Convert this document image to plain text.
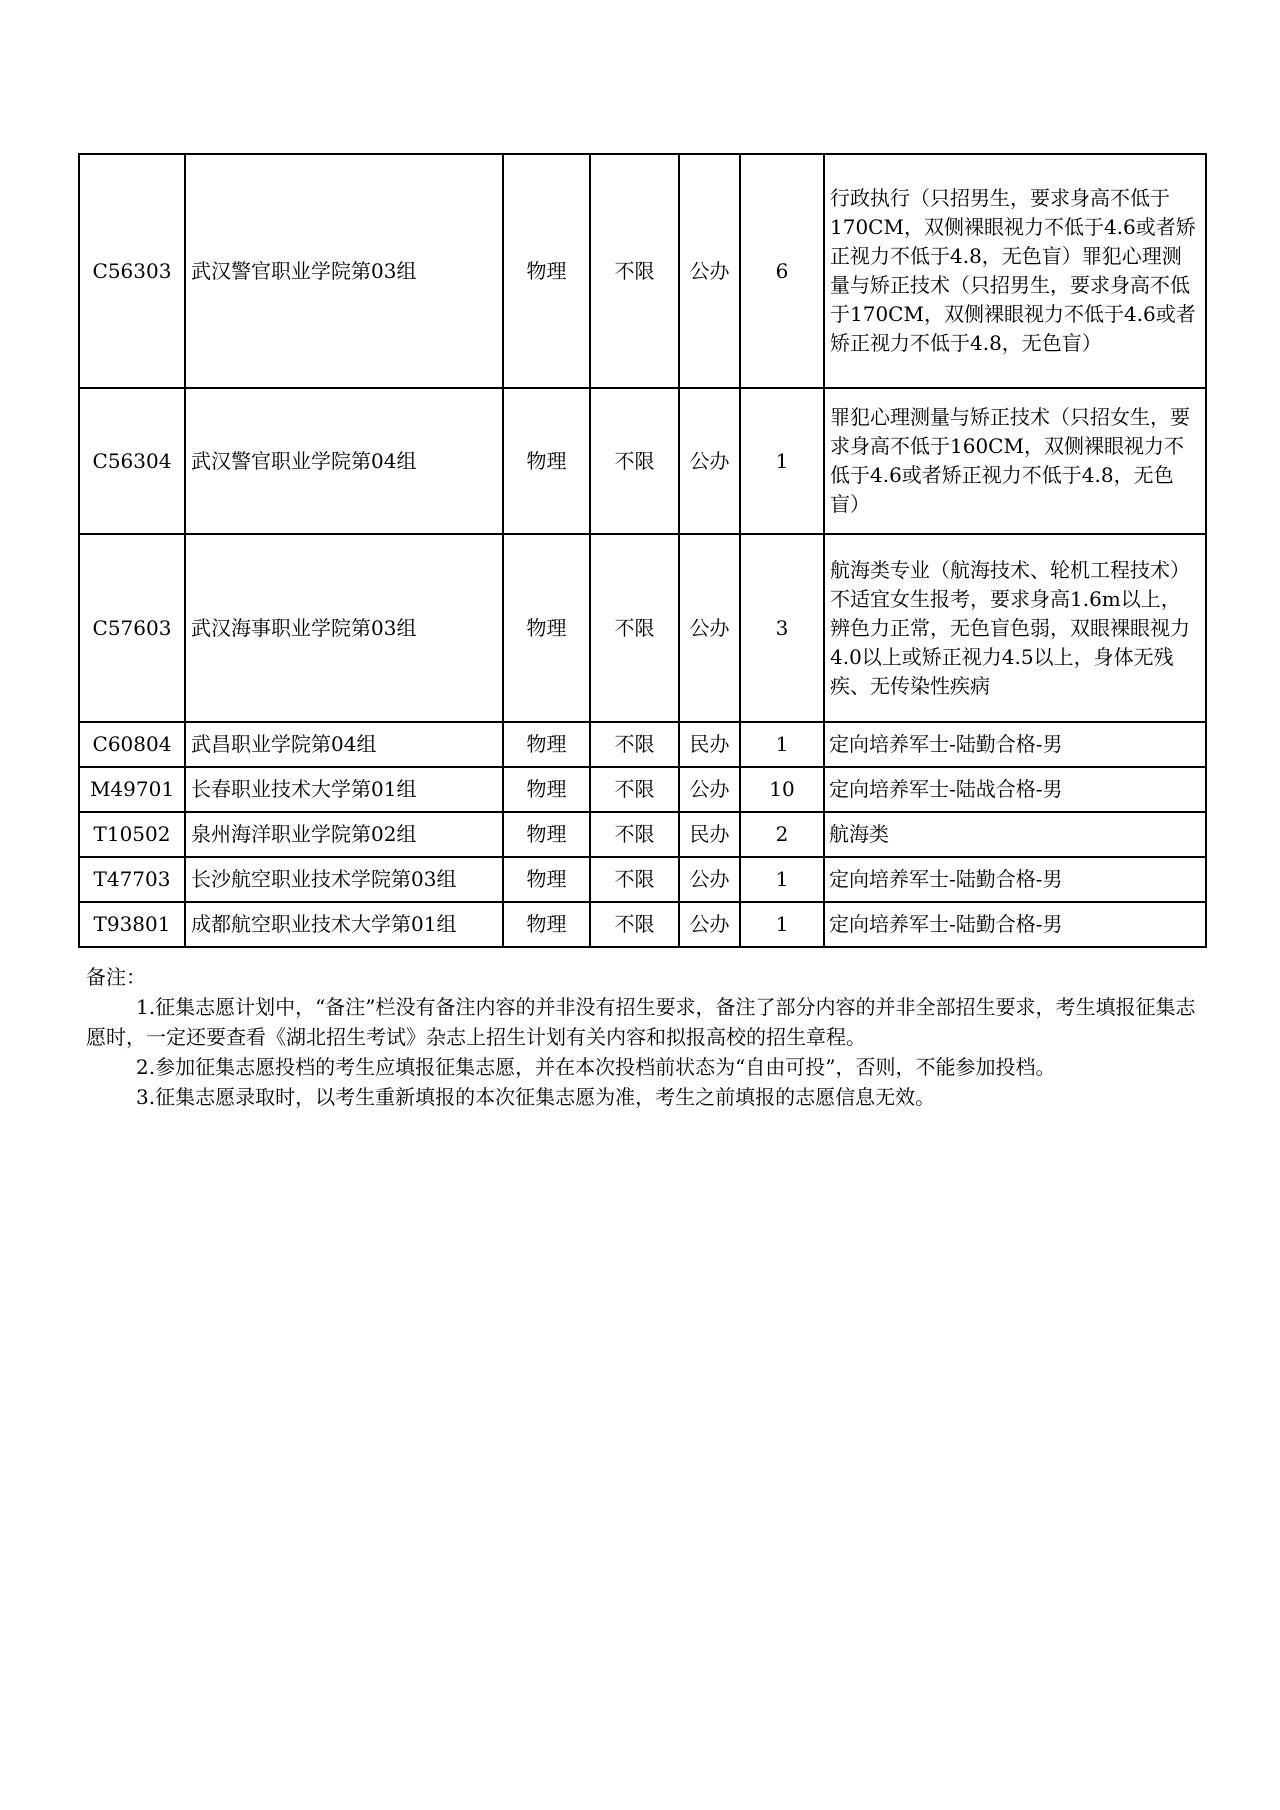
C56303	武汉警官职业学院第03组	物理	不限	公办	6	行政执行（只招男生，要求身高不低于170CM，双侧裸眼视力不低于4.6或者矫正视力不低于4.8，无色盲）罪犯心理测量与矫正技术（只招男生，要求身高不低于170CM，双侧裸眼视力不低于4.6或者矫正视力不低于4.8，无色盲）
C56304	武汉警官职业学院第04组	物理	不限	公办	1	罪犯心理测量与矫正技术（只招女生，要求身高不低于160CM，双侧裸眼视力不低于4.6或者矫正视力不低于4.8，无色盲）
C57603	武汉海事职业学院第03组	物理	不限	公办	3	航海类专业（航海技术、轮机工程技术）不适宜女生报考，要求身高1.6m以上，辨色力正常，无色盲色弱，双眼裸眼视力4.0以上或矫正视力4.5以上，身体无残疾、无传染性疾病
C60804	武昌职业学院第04组	物理	不限	民办	1	定向培养军士-陆勤合格-男
M49701	长春职业技术大学第01组	物理	不限	公办	10	定向培养军士-陆战合格-男
T10502	泉州海洋职业学院第02组	物理	不限	民办	2	航海类
T47703	长沙航空职业技术学院第03组	物理	不限	公办	1	定向培养军士-陆勤合格-男
T93801	成都航空职业技术大学第01组	物理	不限	公办	1	定向培养军士-陆勤合格-男

备注：

1.征集志愿计划中，“备注”栏没有备注内容的并非没有招生要求，备注了部分内容的并非全部招生要求，考生填报征集志愿时，一定还要查看《湖北招生考试》杂志上招生计划有关内容和拟报高校的招生章程。

2.参加征集志愿投档的考生应填报征集志愿，并在本次投档前状态为“自由可投”，否则，不能参加投档。

3.征集志愿录取时，以考生重新填报的本次征集志愿为准，考生之前填报的志愿信息无效。
